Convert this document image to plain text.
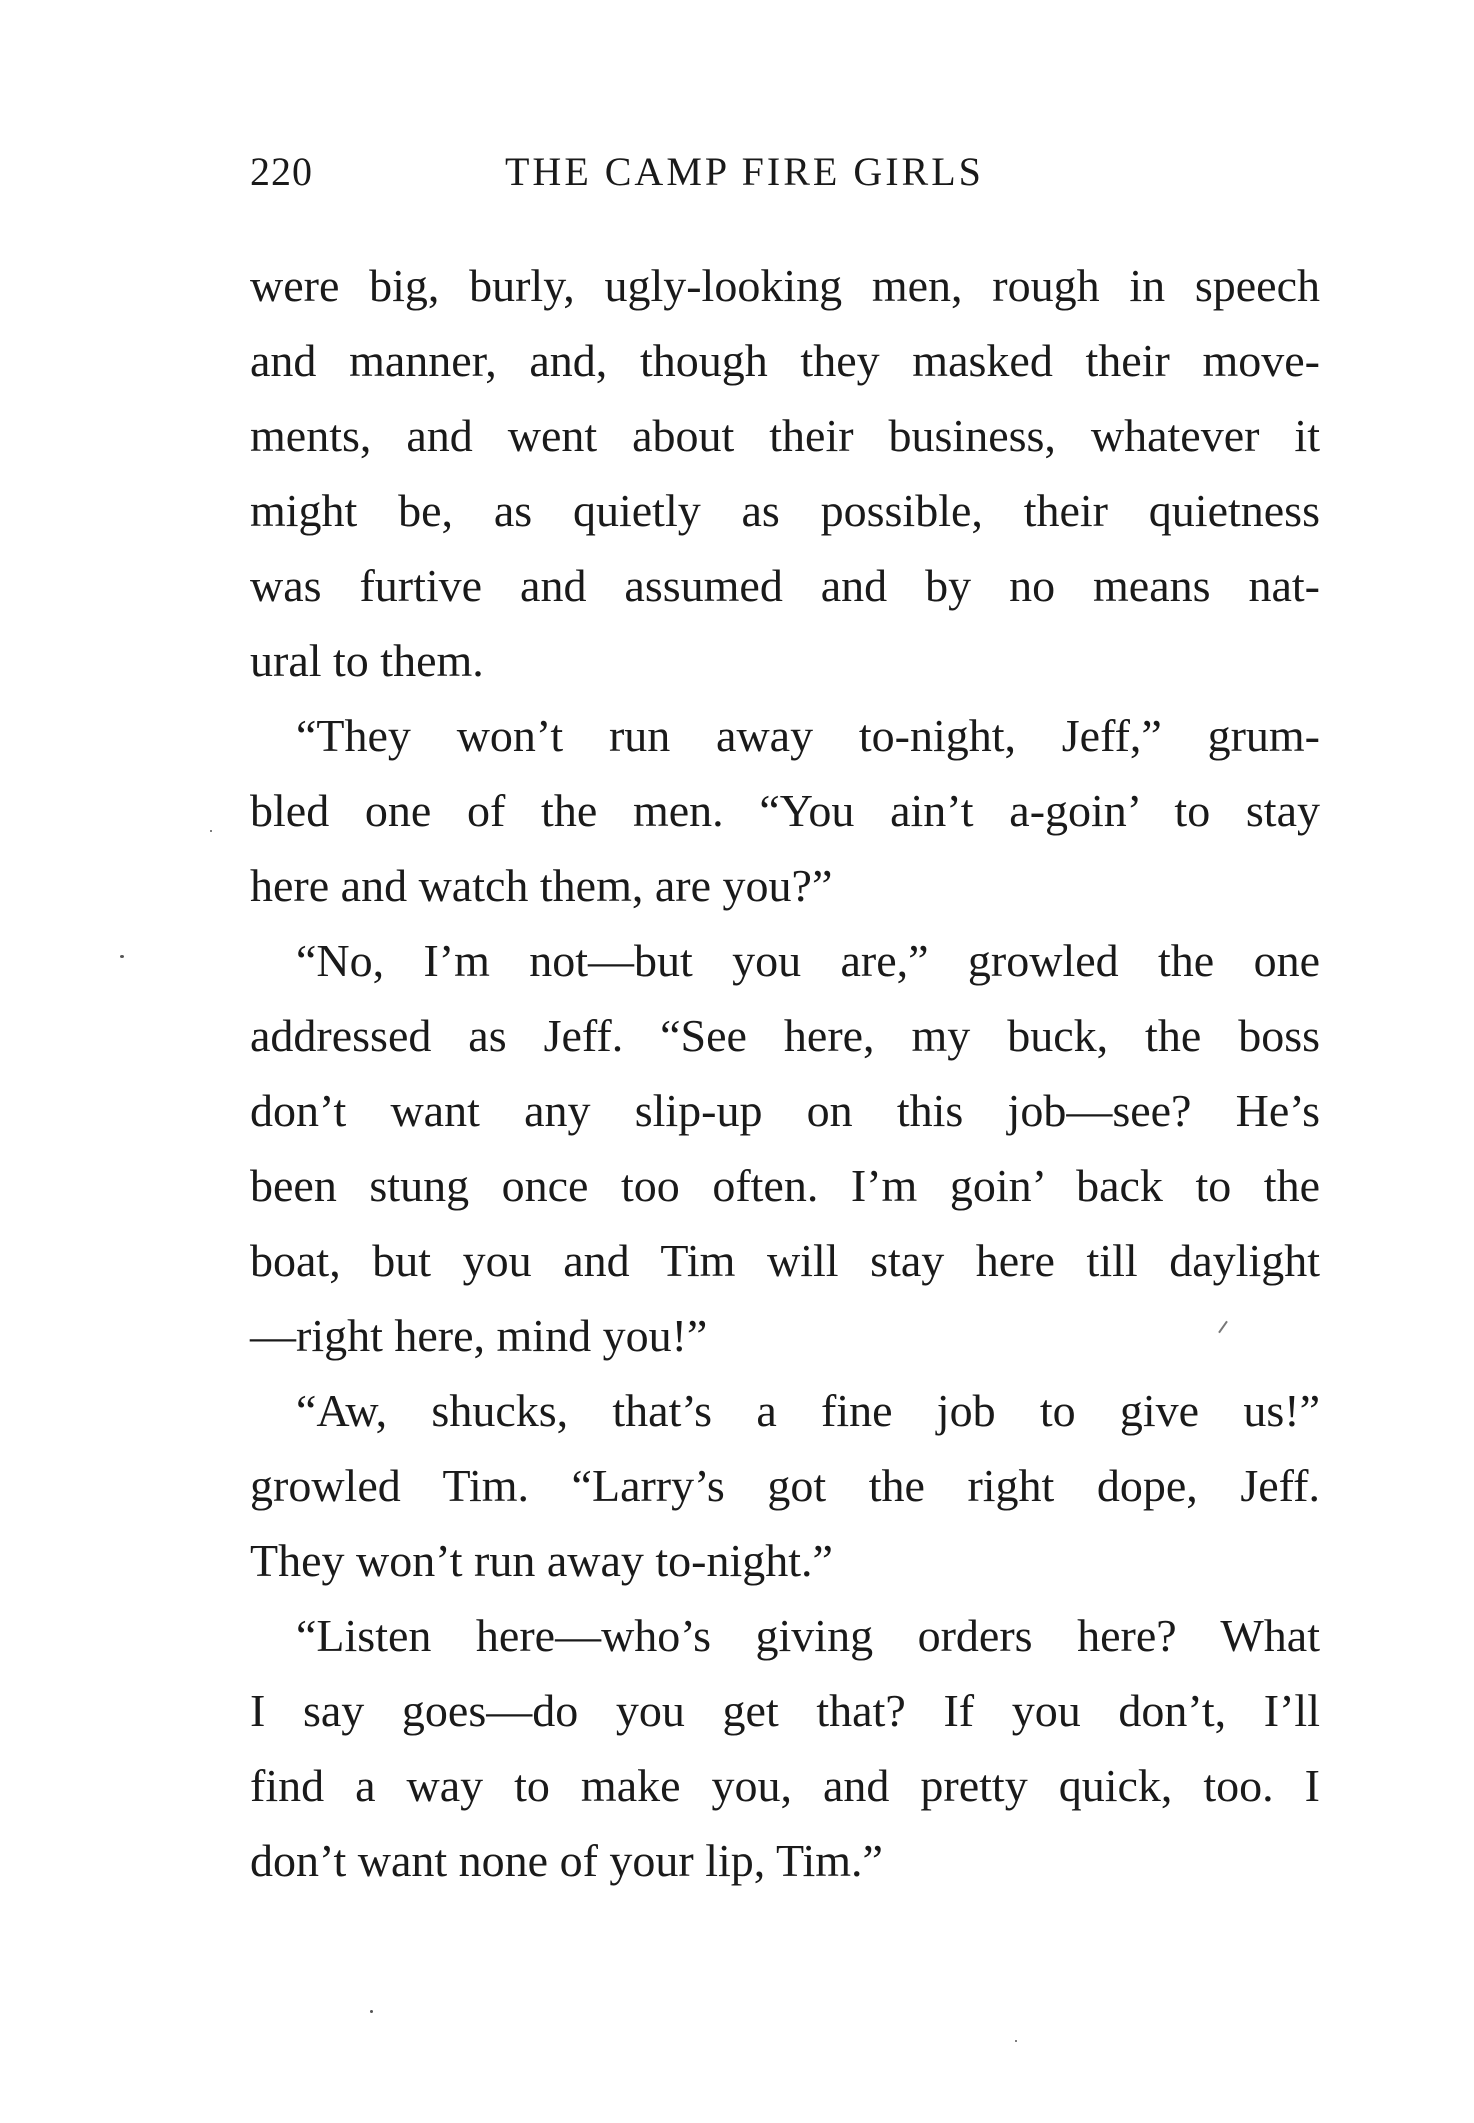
220	THE CAMP FIRE GIRLS
were big, burly, ugly-looking men, rough in speech
and manner, and, though they masked their move-
ments, and went about their business, whatever it
might be, as quietly as possible, their quietness
was furtive and assumed and by no means nat-
ural to them.
“They won’t run away to-night, Jeff,” grum-
bled one of the men. “You ain’t a-goin’ to stay
here and watch them, are you?”
“No, I’m not—but you are,” growled the one
addressed as Jeff. “See here, my buck, the boss
don’t want any slip-up on this job—see? He’s
been stung once too often. I’m goin’ back to the
boat, but you and Tim will stay here till daylight
—right here, mind you!”
“Aw, shucks, that’s a fine job to give us!”
growled Tim. “Larry’s got the right dope, Jeff.
They won’t run away to-night.”
“Listen here—who’s giving orders here? What
I say goes—do you get that? If you don’t, I’ll
find a way to make you, and pretty quick, too. I
don’t want none of your lip, Tim.”
